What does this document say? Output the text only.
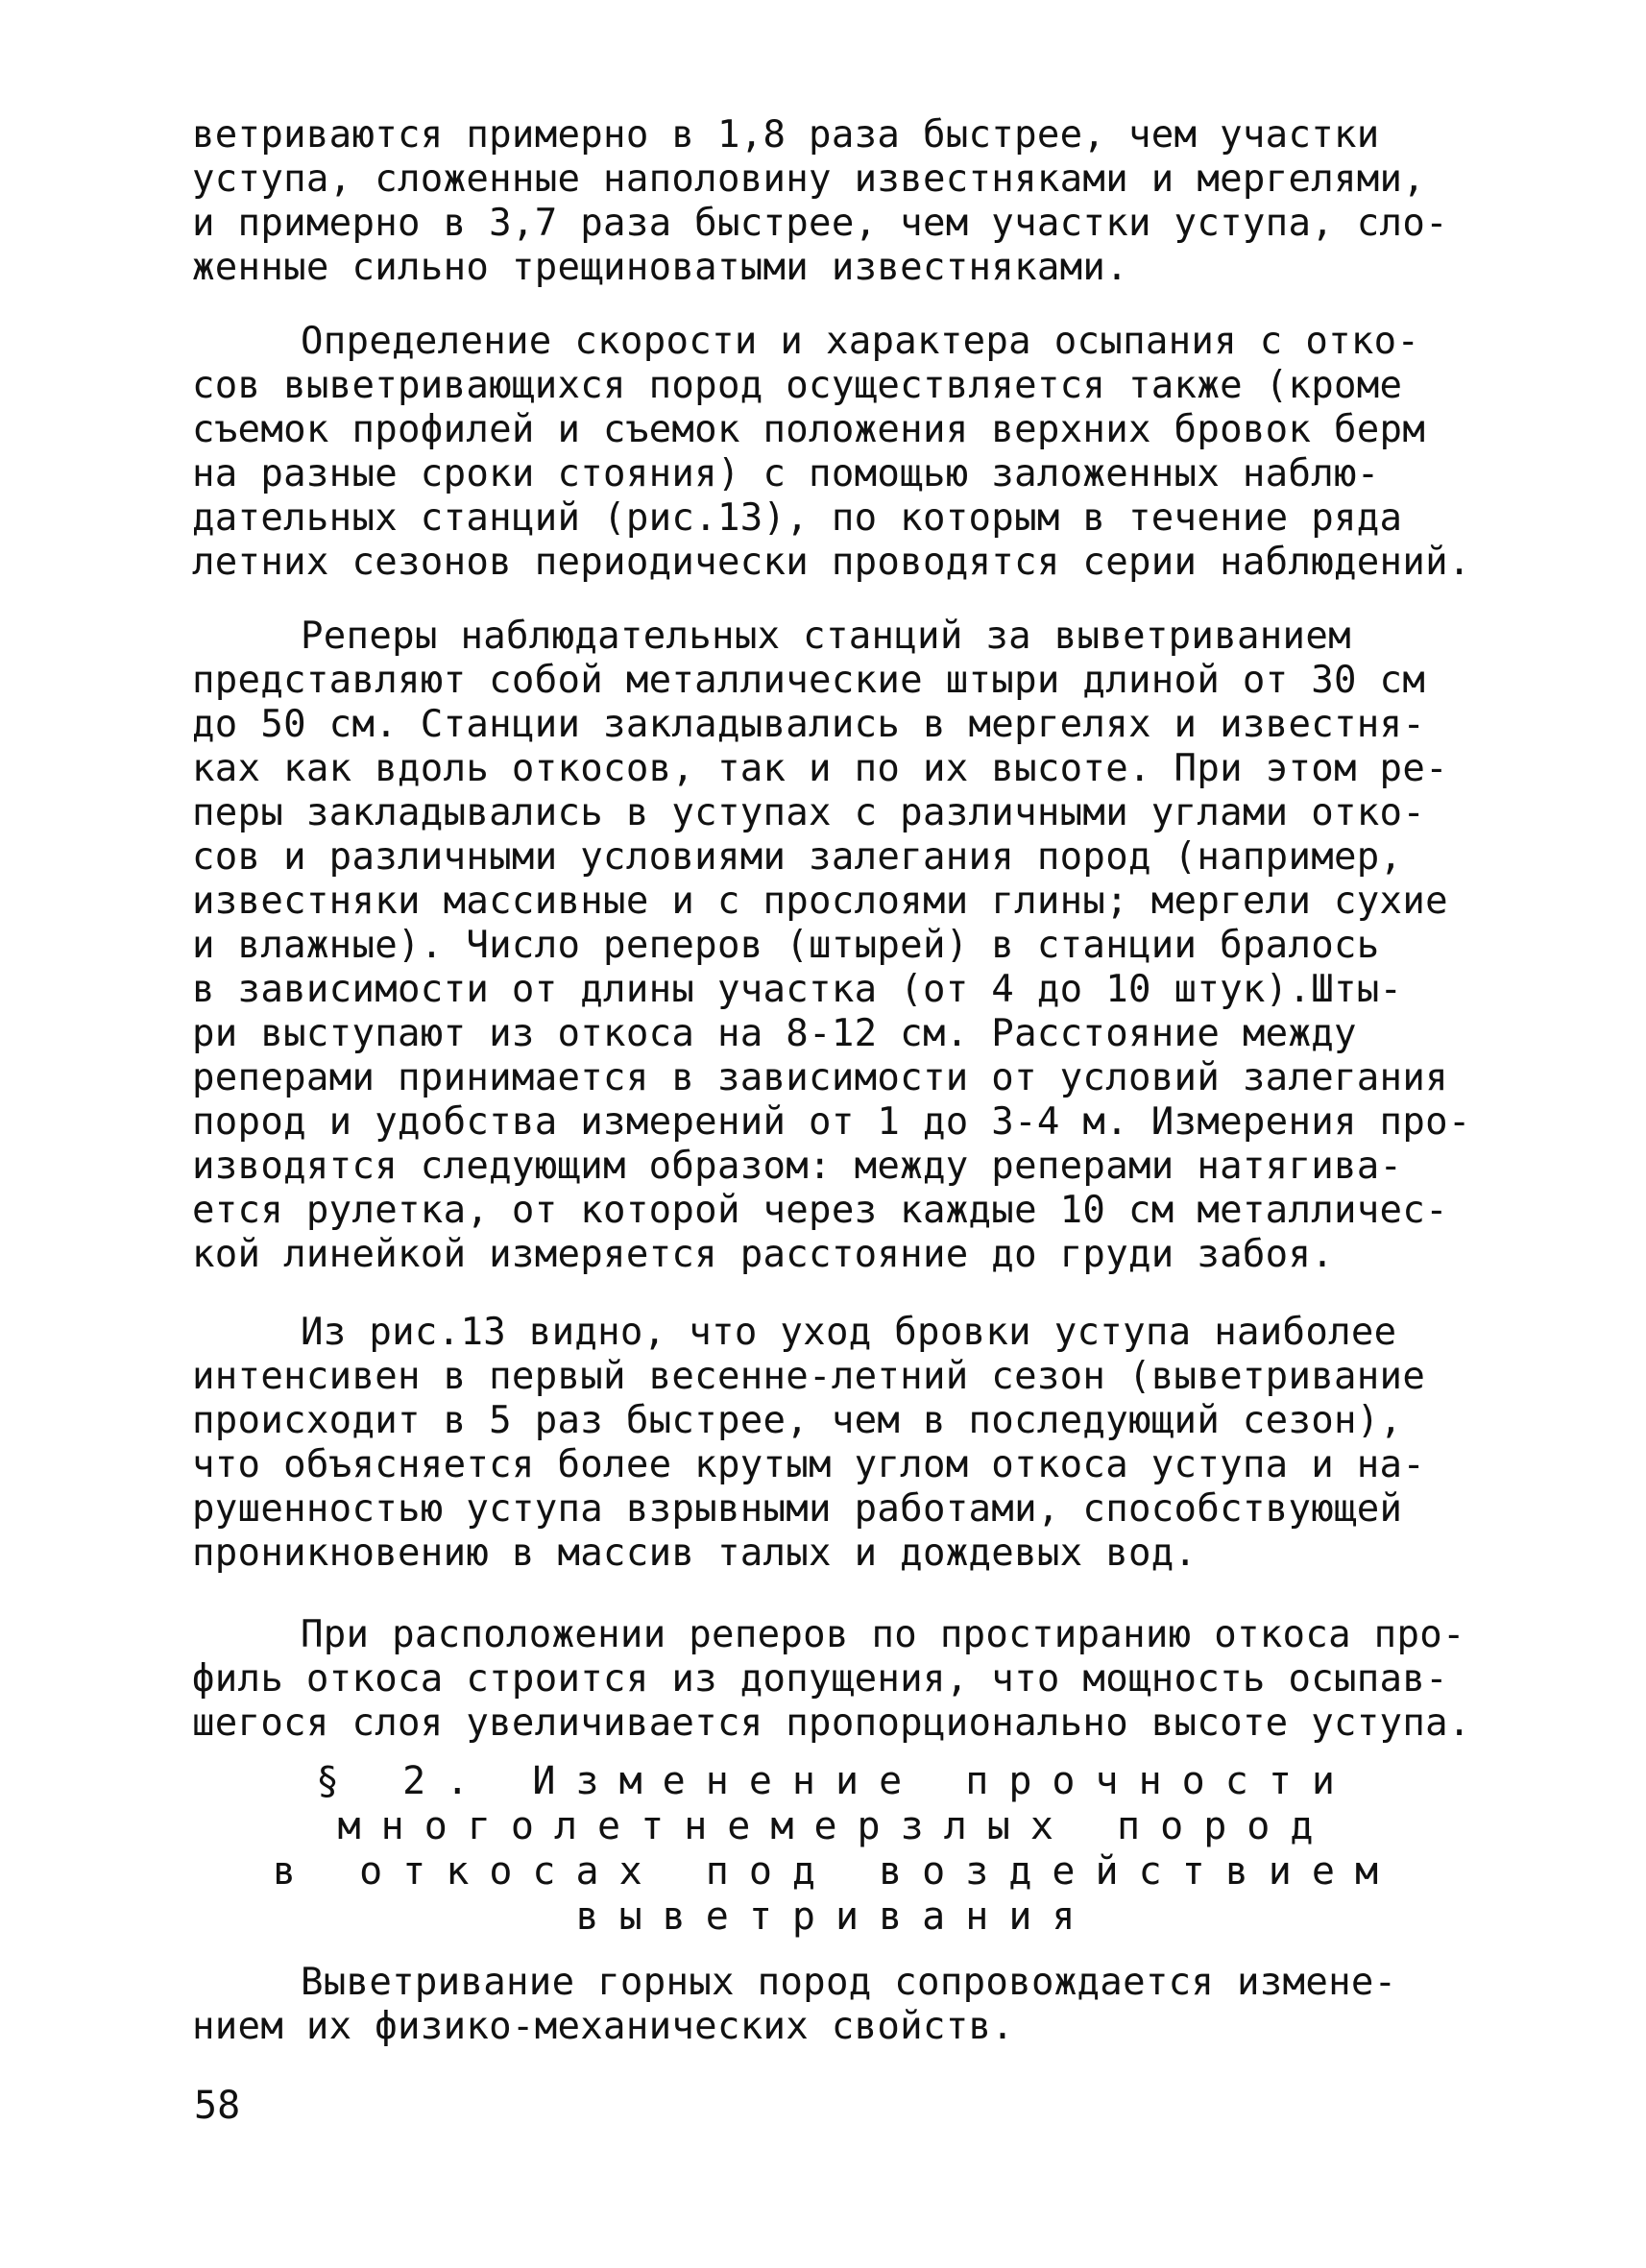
ветриваются примерно в 1,8 раза быстрее, чем участки
уступа, сложенные наполовину известняками и мергелями,
и примерно в 3,7 раза быстрее, чем участки уступа, сло-
женные сильно трещиноватыми известняками.
Определение скорости и характера осыпания с отко-
сов выветривающихся пород осуществляется также (кроме
съемок профилей и съемок положения верхних бровок берм
на разные сроки стояния) с помощью заложенных наблю-
дательных станций (рис.13), по которым в течение ряда
летних сезонов периодически проводятся серии наблюдений.
Реперы наблюдательных станций за выветриванием
представляют собой металлические штыри длиной от 30 см
до 50 см. Станции закладывались в мергелях и известня-
ках как вдоль откосов, так и по их высоте. При этом ре-
перы закладывались в уступах с различными углами отко-
сов и различными условиями залегания пород (например,
известняки массивные и с прослоями глины; мергели сухие
и влажные). Число реперов (штырей) в станции бралось
в зависимости от длины участка (от 4 до 10 штук).Шты-
ри выступают из откоса на 8-12 см. Расстояние между
реперами принимается в зависимости от условий залегания
пород и удобства измерений от 1 до 3-4 м. Измерения про-
изводятся следующим образом: между реперами натягива-
ется рулетка, от которой через каждые 10 см металличес-
кой линейкой измеряется расстояние до груди забоя.
Из рис.13 видно, что уход бровки уступа наиболее
интенсивен в первый весенне-летний сезон (выветривание
происходит в 5 раз быстрее, чем в последующий сезон),
что объясняется более крутым углом откоса уступа и на-
рушенностью уступа взрывными работами, способствующей
проникновению в массив талых и дождевых вод.
При расположении реперов по простиранию откоса про-
филь откоса строится из допущения, что мощность осыпав-
шегося слоя увеличивается пропорционально высоте уступа.
§ 2. Изменение прочности
многолетнемерзлых пород
в откосах под воздействием
выветривания
Выветривание горных пород сопровождается измене-
нием их физико-механических свойств.
58
